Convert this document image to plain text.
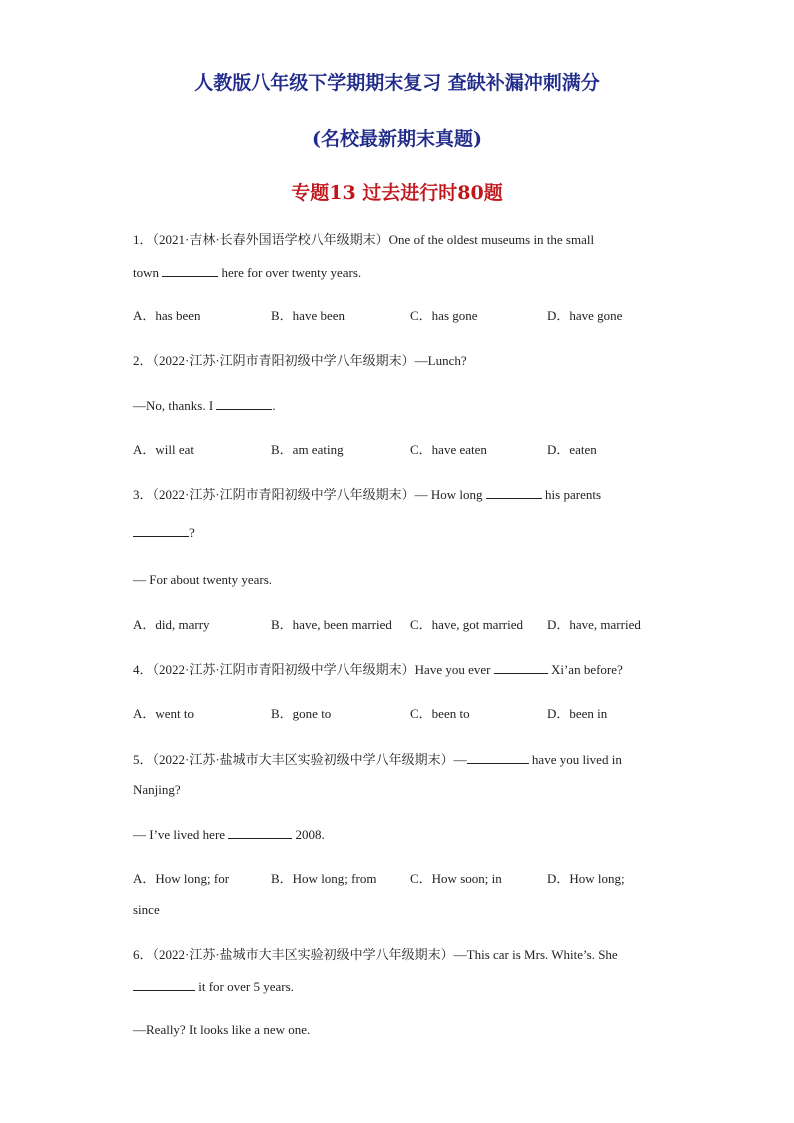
人教版八年级下学期期末复习 查缺补漏冲刺满分
(名校最新期末真题)
专题13 过去进行时80题
1．（2021·吉林·长春外国语学校八年级期末）One of the oldest museums in the small
town	here for over twenty years.
A．has been	B．have been	C．has gone	D．have gone
2．（2022·江苏·江阴市青阳初级中学八年级期末）—Lunch?
—No, thanks. I	.
A．will eat	B．am eating	C．have eaten	D．eaten
3．（2022·江苏·江阴市青阳初级中学八年级期末）— How long	his parents
?
— For about twenty years.
A．did, marry	B．have, been married C．have, got married D．have, married
4．（2022·江苏·江阴市青阳初级中学八年级期末）Have you ever	Xi’an before?
A．went to	B．gone to	C．been to	D．been in
5．（2022·江苏·盐城市大丰区实验初级中学八年级期末）—	have you lived in
Nanjing?
— I’ve lived here	2008.
A．How long; for	B．How long; from	C．How soon; in	D．How long;
since
6．（2022·江苏·盐城市大丰区实验初级中学八年级期末）—This car is Mrs. White’s. She
it for over 5 years.
—Really? It looks like a new one.
